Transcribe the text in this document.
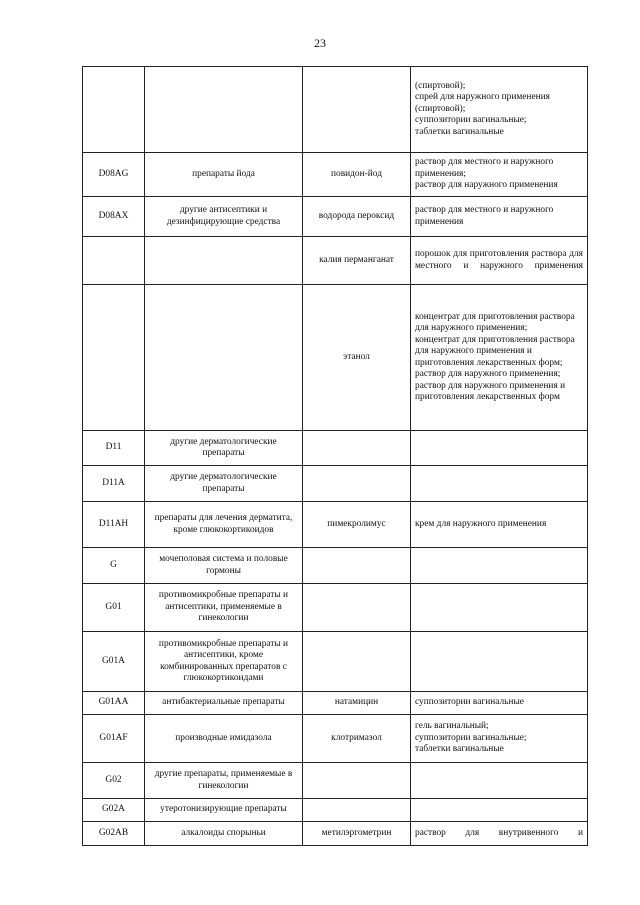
23
			(спиртовой);
спрей для наружного применения (спиртовой);
суппозитории вагинальные;
таблетки вагинальные
D08AG	препараты йода	повидон-йод	раствор для местного и наружного применения;
раствор для наружного применения
D08AX	другие антисептики и дезинфицирующие средства	водорода пероксид	раствор для местного и наружного применения
		калия перманганат	порошок для приготовления раствора для местного и наружного применения
		этанол	концентрат для приготовления раствора для наружного применения;
концентрат для приготовления раствора для наружного применения и приготовления лекарственных форм;
раствор для наружного применения;
раствор для наружного применения и приготовления лекарственных форм
D11	другие дерматологические препараты		
D11A	другие дерматологические препараты		
D11AH	препараты для лечения дерматита, кроме глюкокортикоидов	пимекролимус	крем для наружного применения
G	мочеполовая система и половые гормоны		
G01	противомикробные препараты и антисептики, применяемые в гинекологии		
G01A	противомикробные препараты и антисептики, кроме комбинированных препаратов с глюкокортикоидами		
G01AA	антибактериальные препараты	натамицин	суппозитории вагинальные
G01AF	производные имидазола	клотримазол	гель вагинальный;
суппозитории вагинальные;
таблетки вагинальные
G02	другие препараты, применяемые в гинекологии		
G02A	утеротонизирующие препараты		
G02AB	алкалоиды спорыньи	метилэргометрин	раствор для внутривенного и
